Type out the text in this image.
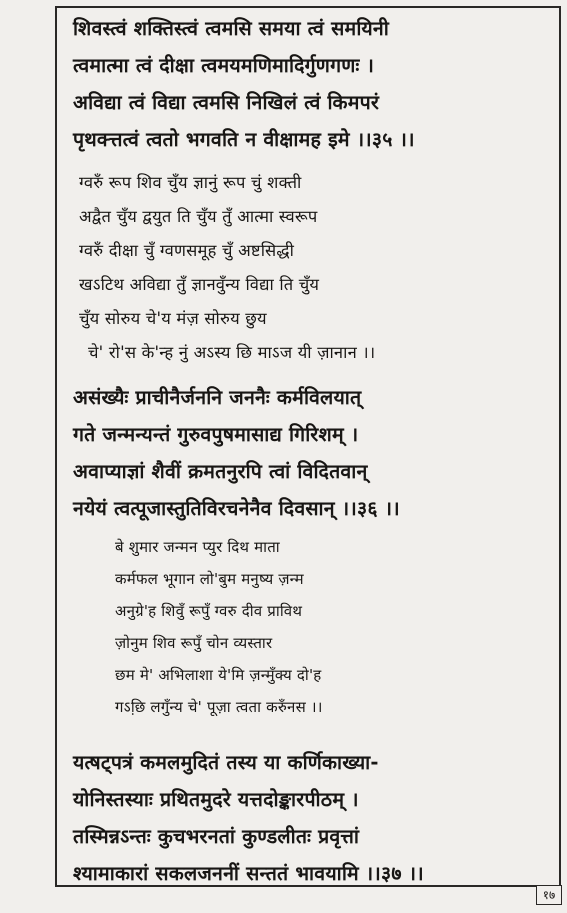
शिवस्त्वं शक्तिस्त्वं त्वमसि समया त्वं समयिनी
त्वमात्मा त्वं दीक्षा त्वमयमणिमादिर्गुणगणः ।
अविद्या त्वं विद्या त्वमसि निखिलं त्वं किमपरं
पृथक्त्तत्वं त्वतो भगवति न वीक्षामह इमे ।।३५ ।।
ग्वरुँ रूप शिव चुँय ज्ञानुं रूप चुं शक्ती
अद्वैत चुँय द्वयुत ति चुँय तुँ आत्मा स्वरूप
ग्वरुँ दीक्षा चुँ ग्वणसमूह चुँ अष्टसिद्धी
खऽटिथ अविद्या तुँ ज्ञानवुँन्य विद्या ति चुँय
चुँय सोरुय चे'य मंज़ सोरुय छुय
चे' रो'स के'न्ह नुं अऽस्य छि माऽज यी ज़ानान ।।
असंख्यैः प्राचीनैर्जननि जननैः कर्मविलयात्
गते जन्मन्यन्तं गुरुवपुषमासाद्य गिरिशम् ।
अवाप्याज्ञां शैवीं क्रमतनुरपि त्वां विदितवान्
नयेयं त्वत्पूजास्तुतिविरचनेनैव दिवसान् ।।३६ ।।
बे शुमार जन्मन प्युर दिथ माता
कर्मफल भूगान लो'बुम मनुष्य ज़न्म
अनुग्रे'ह शिवुँ रूपुँ ग्वरु दीव प्राविथ
ज़ोनुम शिव रूपुँ चोन व्यस्तार
छम मे' अभिलाशा ये'मि ज़न्मुँक्य दो'ह
गऽछि़ लगुँन्य चे' पूज़ा त्वता करुँनस ।।
यत्षट्पत्रं कमलमुदितं तस्य या कर्णिकाख्या-
योनिस्तस्याः प्रथितमुदरे यत्तदोङ्कारपीठम् ।
तस्मिन्नऽन्तः कुचभरनतां कुण्डलीतः प्रवृत्तां
श्यामाकारां सकलजननीं सन्ततं भावयामि ।।३७ ।।
१७
